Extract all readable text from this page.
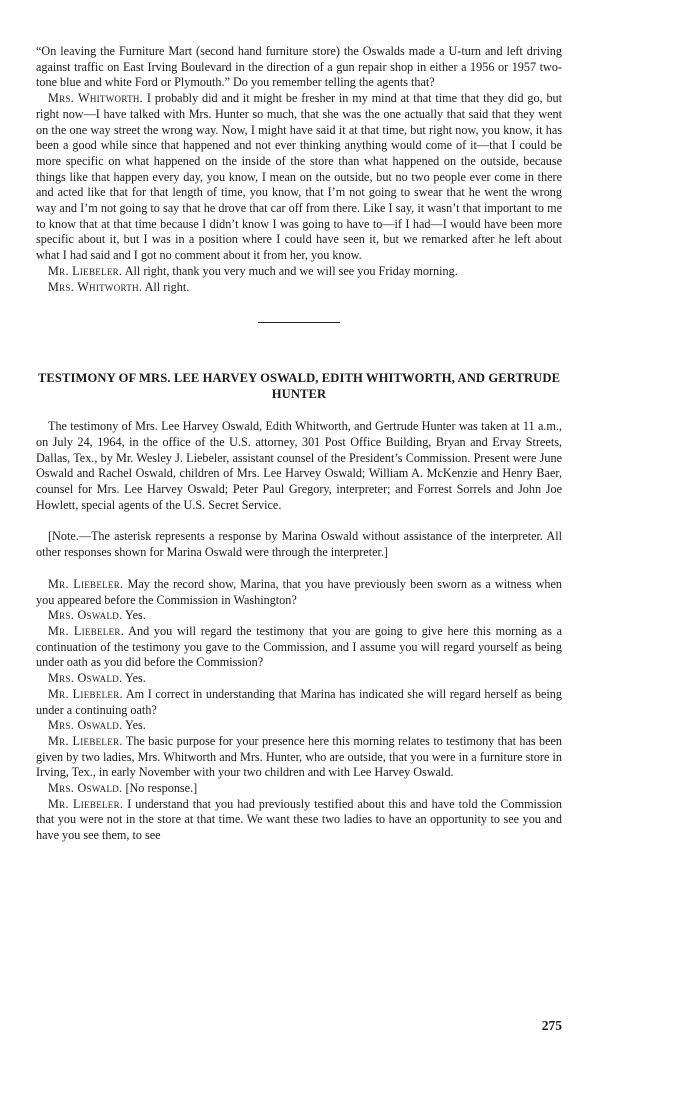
“On leaving the Furniture Mart (second hand furniture store) the Oswalds made a U-turn and left driving against traffic on East Irving Boulevard in the direction of a gun repair shop in either a 1956 or 1957 two-tone blue and white Ford or Plymouth.” Do you remember telling the agents that?

Mrs. Whitworth. I probably did and it might be fresher in my mind at that time that they did go, but right now—I have talked with Mrs. Hunter so much, that she was the one actually that said that they went on the one way street the wrong way. Now, I might have said it at that time, but right now, you know, it has been a good while since that happened and not ever thinking anything would come of it—that I could be more specific on what happened on the inside of the store than what happened on the outside, because things like that happen every day, you know, I mean on the outside, but no two people ever come in there and acted like that for that length of time, you know, that I’m not going to swear that he went the wrong way and I’m not going to say that he drove that car off from there. Like I say, it wasn’t that important to me to know that at that time because I didn’t know I was going to have to—if I had—I would have been more specific about it, but I was in a position where I could have seen it, but we remarked after he left about what I had said and I got no comment about it from her, you know.

Mr. Liebeler. All right, thank you very much and we will see you Friday morning.

Mrs. Whitworth. All right.

TESTIMONY OF MRS. LEE HARVEY OSWALD, EDITH WHITWORTH, AND GERTRUDE HUNTER

The testimony of Mrs. Lee Harvey Oswald, Edith Whitworth, and Gertrude Hunter was taken at 11 a.m., on July 24, 1964, in the office of the U.S. attorney, 301 Post Office Building, Bryan and Ervay Streets, Dallas, Tex., by Mr. Wesley J. Liebeler, assistant counsel of the President’s Commission. Present were June Oswald and Rachel Oswald, children of Mrs. Lee Harvey Oswald; William A. McKenzie and Henry Baer, counsel for Mrs. Lee Harvey Oswald; Peter Paul Gregory, interpreter; and Forrest Sorrels and John Joe Howlett, special agents of the U.S. Secret Service.

[Note.—The asterisk represents a response by Marina Oswald without assistance of the interpreter. All other responses shown for Marina Oswald were through the interpreter.]

Mr. Liebeler. May the record show, Marina, that you have previously been sworn as a witness when you appeared before the Commission in Washington?

Mrs. Oswald. Yes.

Mr. Liebeler. And you will regard the testimony that you are going to give here this morning as a continuation of the testimony you gave to the Commission, and I assume you will regard yourself as being under oath as you did before the Commission?

Mrs. Oswald. Yes.

Mr. Liebeler. Am I correct in understanding that Marina has indicated she will regard herself as being under a continuing oath?

Mrs. Oswald. Yes.

Mr. Liebeler. The basic purpose for your presence here this morning relates to testimony that has been given by two ladies, Mrs. Whitworth and Mrs. Hunter, who are outside, that you were in a furniture store in Irving, Tex., in early November with your two children and with Lee Harvey Oswald.

Mrs. Oswald. [No response.]

Mr. Liebeler. I understand that you had previously testified about this and have told the Commission that you were not in the store at that time. We want these two ladies to have an opportunity to see you and have you see them, to see

275
